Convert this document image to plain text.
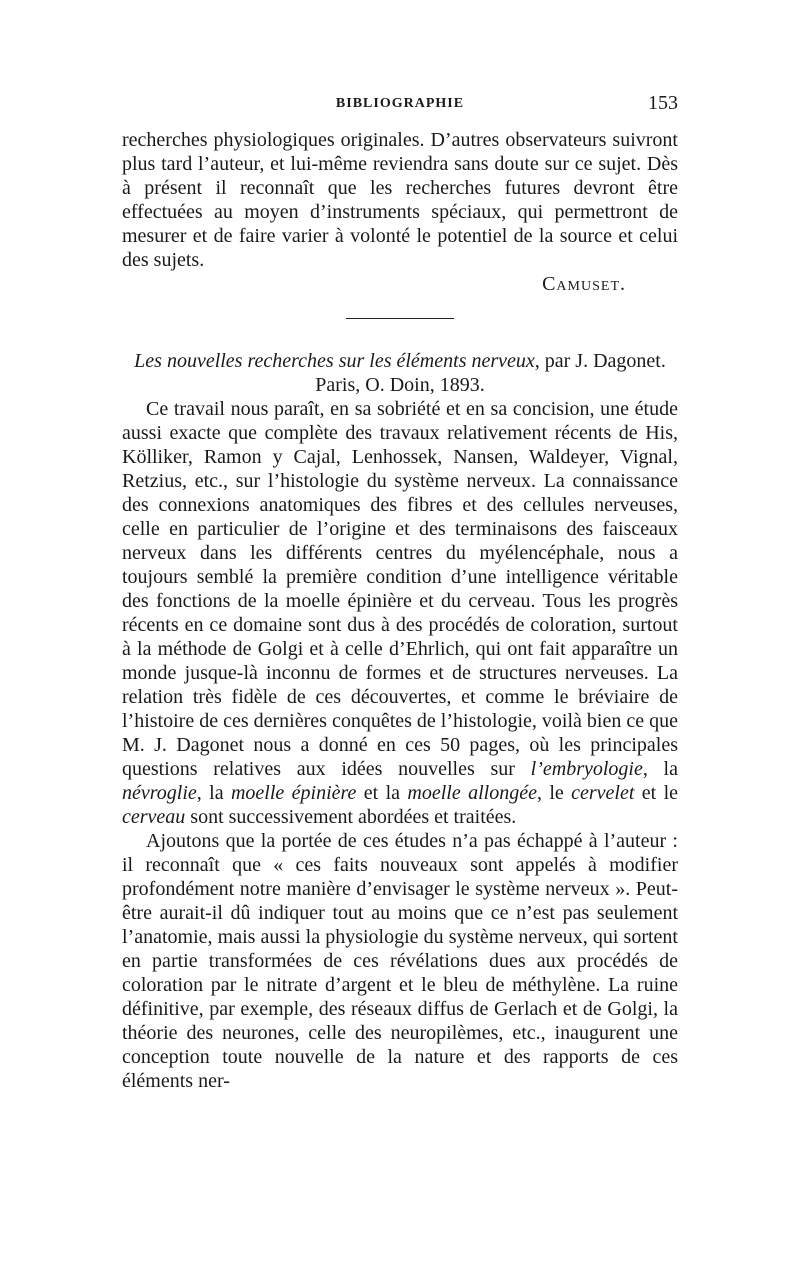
BIBLIOGRAPHIE	153

recherches physiologiques originales. D’autres observateurs suivront plus tard l’auteur, et lui-même reviendra sans doute sur ce sujet. Dès à présent il reconnaît que les recherches futures devront être effectuées au moyen d’instruments spéciaux, qui permettront de mesurer et de faire varier à volonté le potentiel de la source et celui des sujets.

Camuset.

Les nouvelles recherches sur les éléments nerveux, par J. Dagonet. Paris, O. Doin, 1893.

Ce travail nous paraît, en sa sobriété et en sa concision, une étude aussi exacte que complète des travaux relativement récents de His, Kölliker, Ramon y Cajal, Lenhossek, Nansen, Waldeyer, Vignal, Retzius, etc., sur l’histologie du système nerveux. La connaissance des connexions anatomiques des fibres et des cellules nerveuses, celle en particulier de l’origine et des terminaisons des faisceaux nerveux dans les différents centres du myélencéphale, nous a toujours semblé la première condition d’une intelligence véritable des fonctions de la moelle épinière et du cerveau. Tous les progrès récents en ce domaine sont dus à des procédés de coloration, surtout à la méthode de Golgi et à celle d’Ehrlich, qui ont fait apparaître un monde jusque-là inconnu de formes et de structures nerveuses. La relation très fidèle de ces découvertes, et comme le bréviaire de l’histoire de ces dernières conquêtes de l’histologie, voilà bien ce que M. J. Dagonet nous a donné en ces 50 pages, où les principales questions relatives aux idées nouvelles sur l’embryologie, la névroglie, la moelle épinière et la moelle allongée, le cervelet et le cerveau sont successivement abordées et traitées.

Ajoutons que la portée de ces études n’a pas échappé à l’auteur : il reconnaît que « ces faits nouveaux sont appelés à modifier profondément notre manière d’envisager le système nerveux ». Peut-être aurait-il dû indiquer tout au moins que ce n’est pas seulement l’anatomie, mais aussi la physiologie du système nerveux, qui sortent en partie transformées de ces révélations dues aux procédés de coloration par le nitrate d’argent et le bleu de méthylène. La ruine définitive, par exemple, des réseaux diffus de Gerlach et de Golgi, la théorie des neurones, celle des neuropilèmes, etc., inaugurent une conception toute nouvelle de la nature et des rapports de ces éléments ner-
